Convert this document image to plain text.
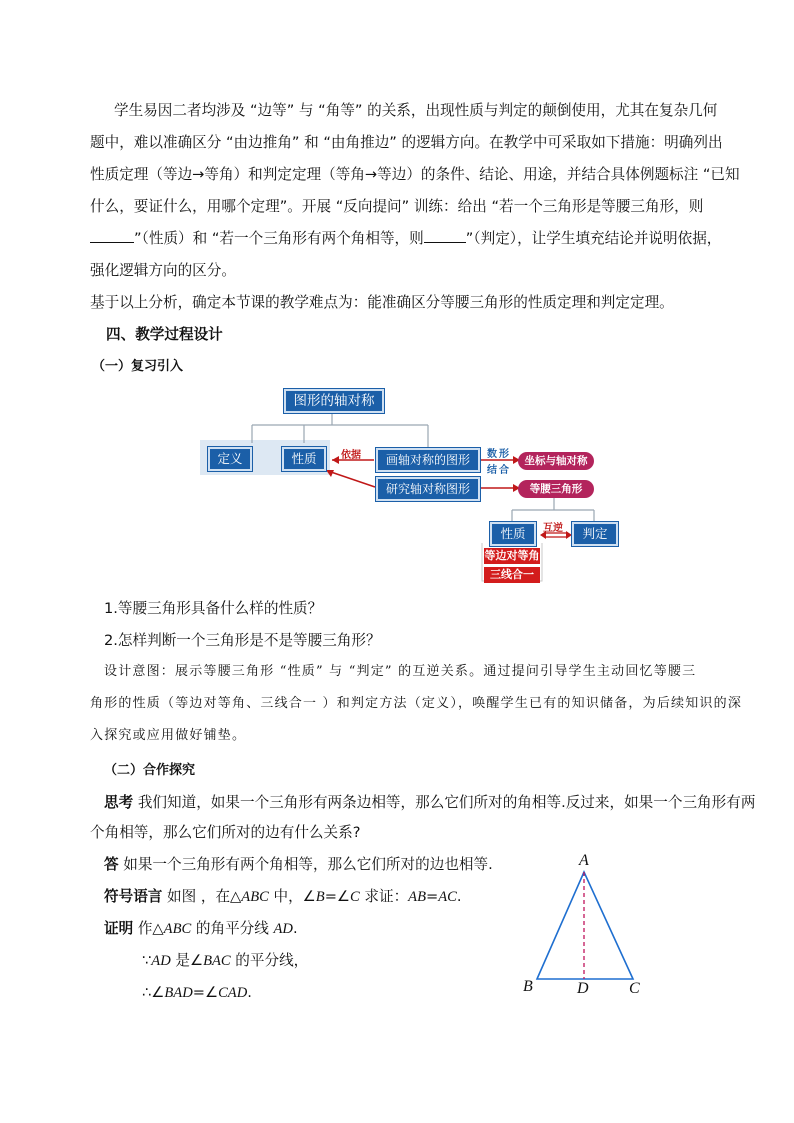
学生易因二者均涉及 “边等” 与 “角等” 的关系，出现性质与判定的颠倒使用，尤其在复杂几何
题中，难以准确区分 “由边推角” 和 “由角推边” 的逻辑方向。在教学中可采取如下措施：明确列出
性质定理（等边→等角）和判定定理（等角→等边）的条件、结论、用途，并结合具体例题标注 “已知
什么，要证什么，用哪个定理”。开展 “反向提问” 训练：给出 “若一个三角形是等腰三角形，则
”（性质）和 “若一个三角形有两个角相等，则	”（判定），让学生填充结论并说明依据，
强化逻辑方向的区分。
基于以上分析，确定本节课的教学难点为：能准确区分等腰三角形的性质定理和判定定理。
四、教学过程设计
（一）复习引入
图形的轴对称
定义	性质	画轴对称的图形
研究轴对称图形
依据	数形
结合
坐标与轴对称
等腰三角形
性质	判定
互逆
等边对等角
三线合一
1.等腰三角形具备什么样的性质？
2.怎样判断一个三角形是不是等腰三角形？
设计意图：展示等腰三角形 “性质” 与 “判定” 的互逆关系。通过提问引导学生主动回忆等腰三
角形的性质（等边对等角、三线合一 ）和判定方法（定义），唤醒学生已有的知识储备，为后续知识的深
入探究或应用做好铺垫。
（二）合作探究
思考 我们知道，如果一个三角形有两条边相等，那么它们所对的角相等.反过来，如果一个三角形有两
个角相等，那么它们所对的边有什么关系?
答 如果一个三角形有两个角相等，那么它们所对的边也相等.
符号语言 如图 ，在△ABC 中，∠B=∠C 求证：AB=AC.
证明 作△ABC 的角平分线 AD.
∵AD 是∠BAC 的平分线，
∴∠BAD=∠CAD.
A
B	D	C
